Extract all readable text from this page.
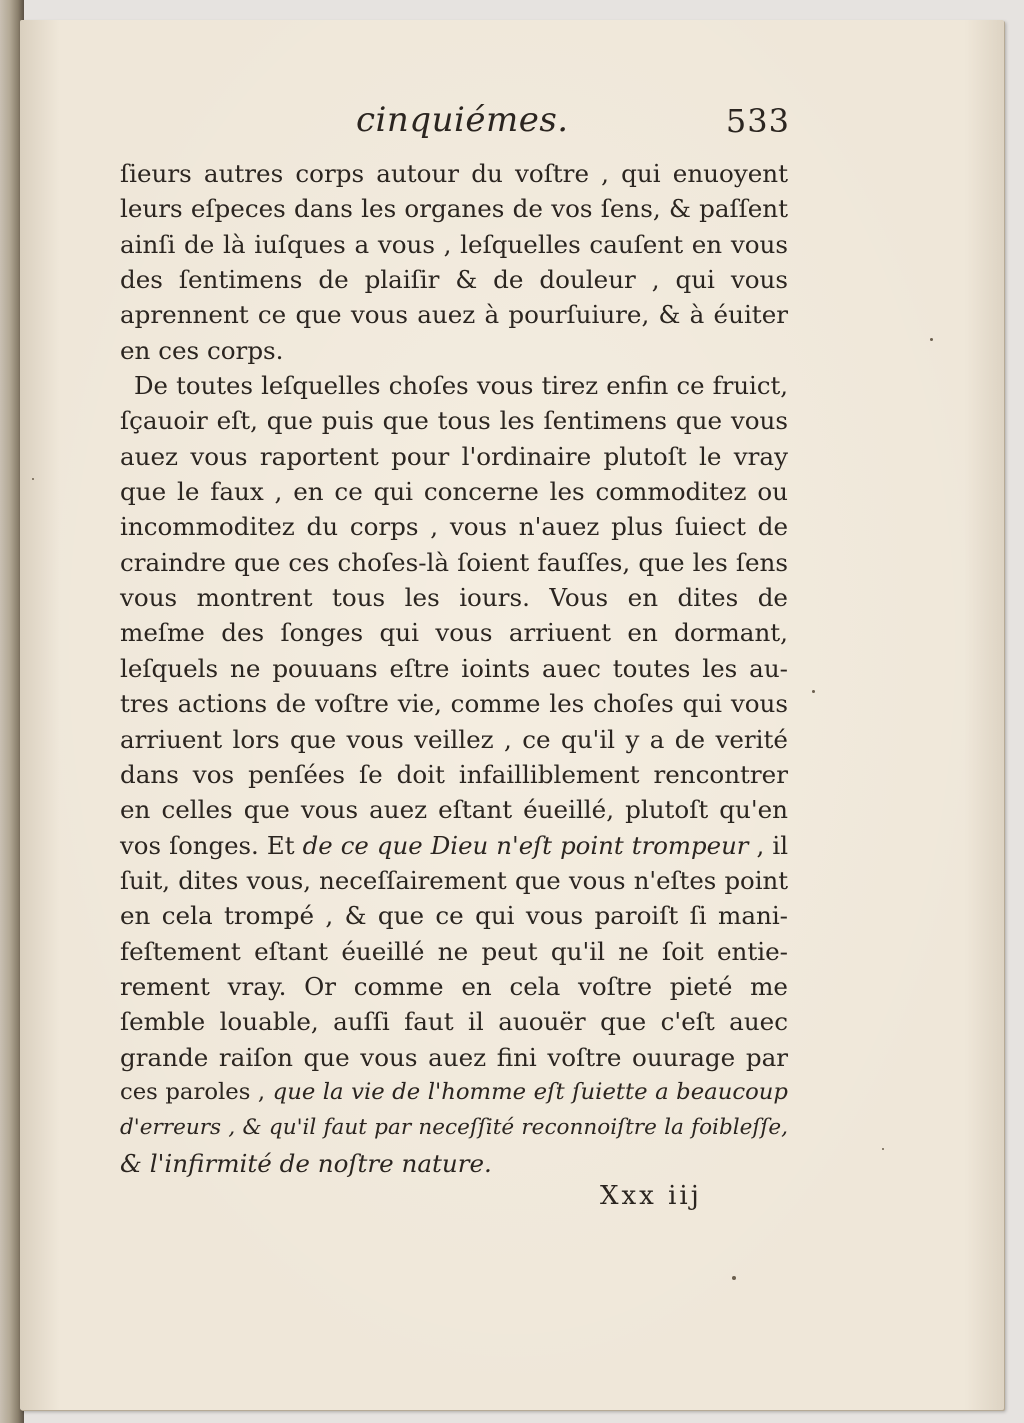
cinquiémes.	533
ſieurs autres corps autour du voſtre , qui enuoyent
leurs eſpeces dans les organes de vos ſens, & paſſent
ainſi de là iuſques a vous , leſquelles cauſent en vous
des ſentimens de plaiſir & de douleur , qui vous
aprennent ce que vous auez à pourſuiure, & à éuiter
en ces corps.
De toutes leſquelles choſes vous tirez enfin ce fruict,
ſçauoir eſt, que puis que tous les ſentimens que vous
auez vous raportent pour l'ordinaire plutoſt le vray
que le faux , en ce qui concerne les commoditez ou
incommoditez du corps , vous n'auez plus ſuiect de
craindre que ces choſes-là ſoient fauſſes, que les ſens
vous montrent tous les iours. Vous en dites de
meſme des ſonges qui vous arriuent en dormant,
leſquels ne pouuans eſtre ioints auec toutes les au-
tres actions de voſtre vie, comme les choſes qui vous
arriuent lors que vous veillez , ce qu'il y a de verité
dans vos penſées ſe doit infailliblement rencontrer
en celles que vous auez eſtant éueillé, plutoſt qu'en
vos ſonges. Et de ce que Dieu n'eſt point trompeur , il
ſuit, dites vous, neceſſairement que vous n'eſtes point
en cela trompé , & que ce qui vous paroiſt ſi mani-
feſtement eſtant éueillé ne peut qu'il ne ſoit entie-
rement vray. Or comme en cela voſtre pieté me
ſemble louable, auſſi faut il auouër que c'eſt auec
grande raiſon que vous auez fini voſtre ouurage par
ces paroles , que la vie de l'homme eſt ſuiette a beaucoup
d'erreurs , & qu'il faut par neceſſité reconnoiſtre la foibleſſe,
& l'infirmité de noſtre nature.
Xxx iij
